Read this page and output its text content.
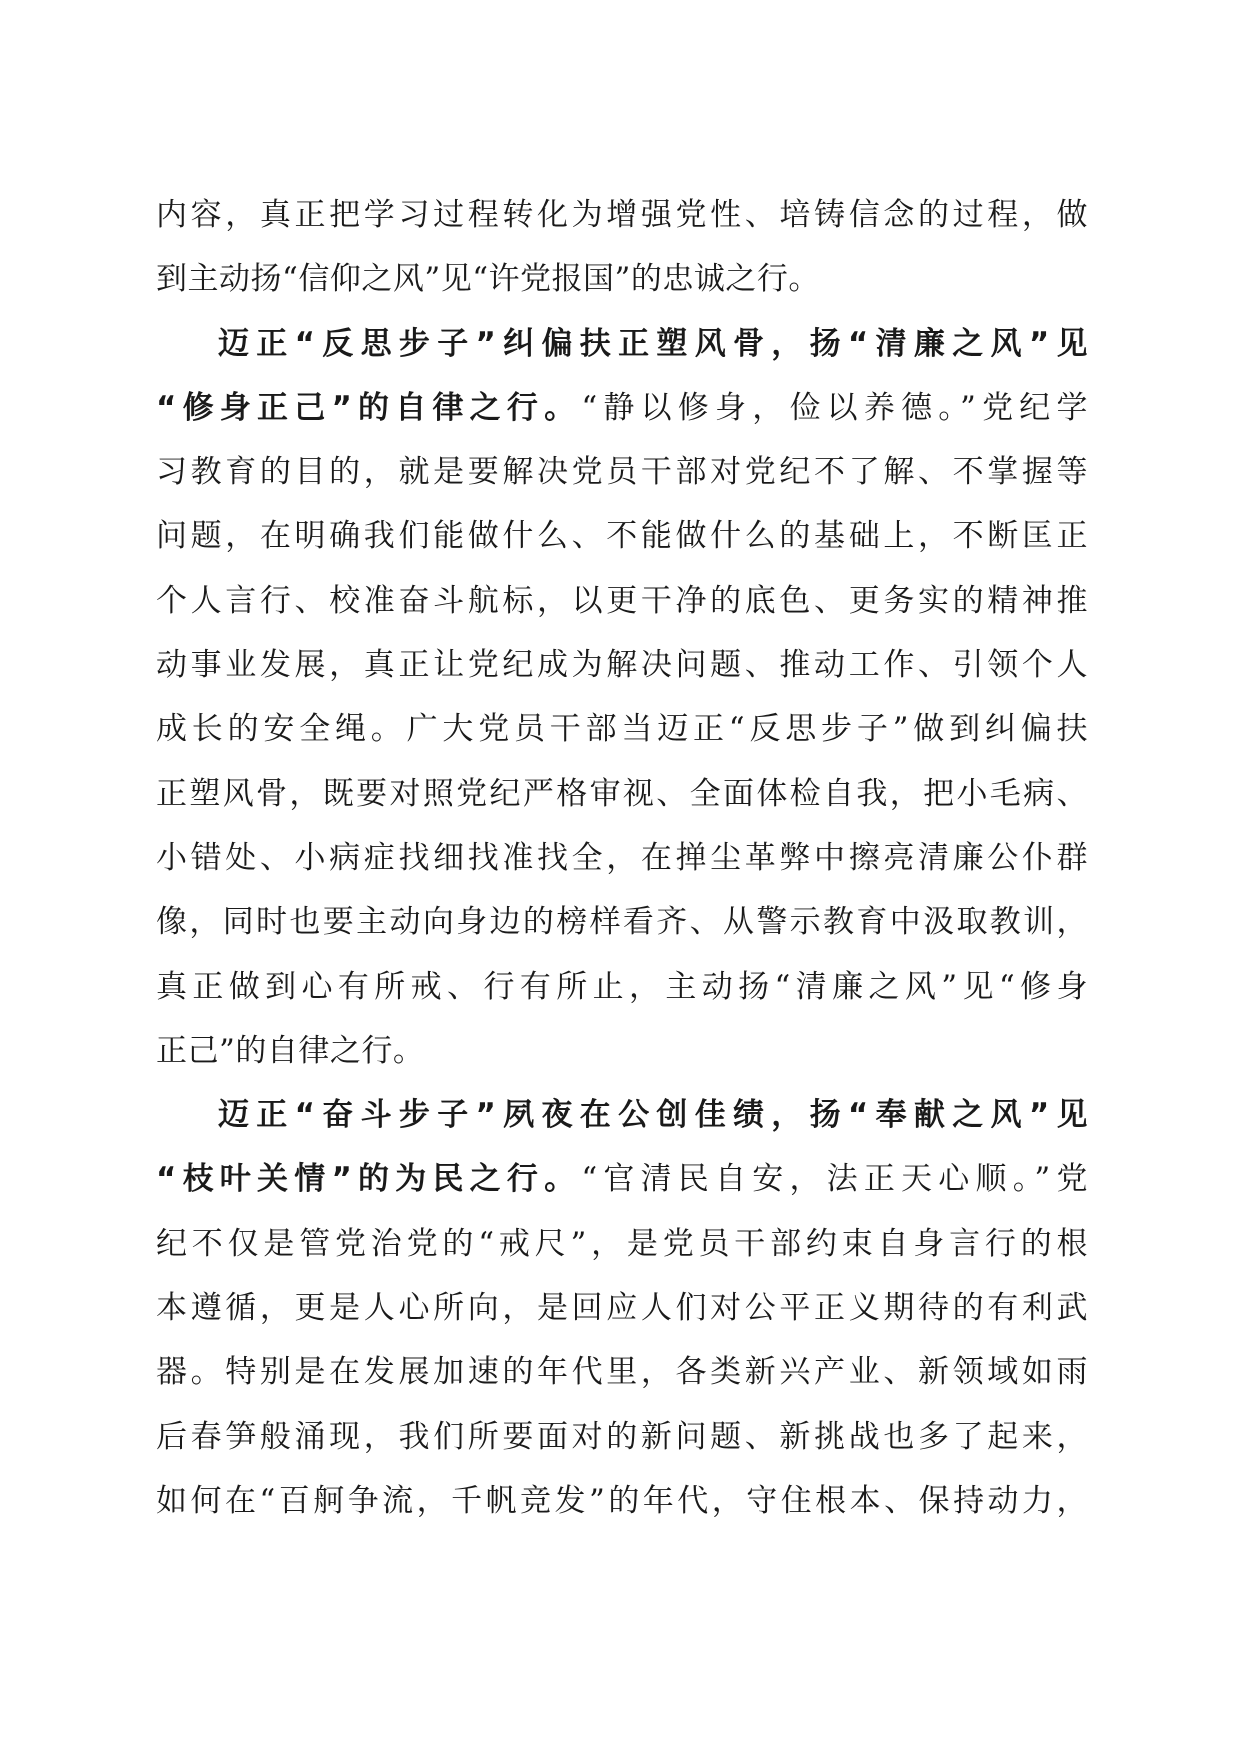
内容，真正把学习过程转化为增强党性、培铸信念的过程，做
到主动扬“信仰之风”见“许党报国”的忠诚之行。
迈正“反思步子”纠偏扶正塑风骨，扬“清廉之风”见
“修身正己”的自律之行。“静以修身，俭以养德。”党纪学
习教育的目的，就是要解决党员干部对党纪不了解、不掌握等
问题，在明确我们能做什么、不能做什么的基础上，不断匡正
个人言行、校准奋斗航标，以更干净的底色、更务实的精神推
动事业发展，真正让党纪成为解决问题、推动工作、引领个人
成长的安全绳。广大党员干部当迈正“反思步子”做到纠偏扶
正塑风骨，既要对照党纪严格审视、全面体检自我，把小毛病、
小错处、小病症找细找准找全，在掸尘革弊中擦亮清廉公仆群
像，同时也要主动向身边的榜样看齐、从警示教育中汲取教训，
真正做到心有所戒、行有所止，主动扬“清廉之风”见“修身
正己”的自律之行。
迈正“奋斗步子”夙夜在公创佳绩，扬“奉献之风”见
“枝叶关情”的为民之行。“官清民自安，法正天心顺。”党
纪不仅是管党治党的“戒尺”，是党员干部约束自身言行的根
本遵循，更是人心所向，是回应人们对公平正义期待的有利武
器。特别是在发展加速的年代里，各类新兴产业、新领域如雨
后春笋般涌现，我们所要面对的新问题、新挑战也多了起来，
如何在“百舸争流，千帆竞发”的年代，守住根本、保持动力，
